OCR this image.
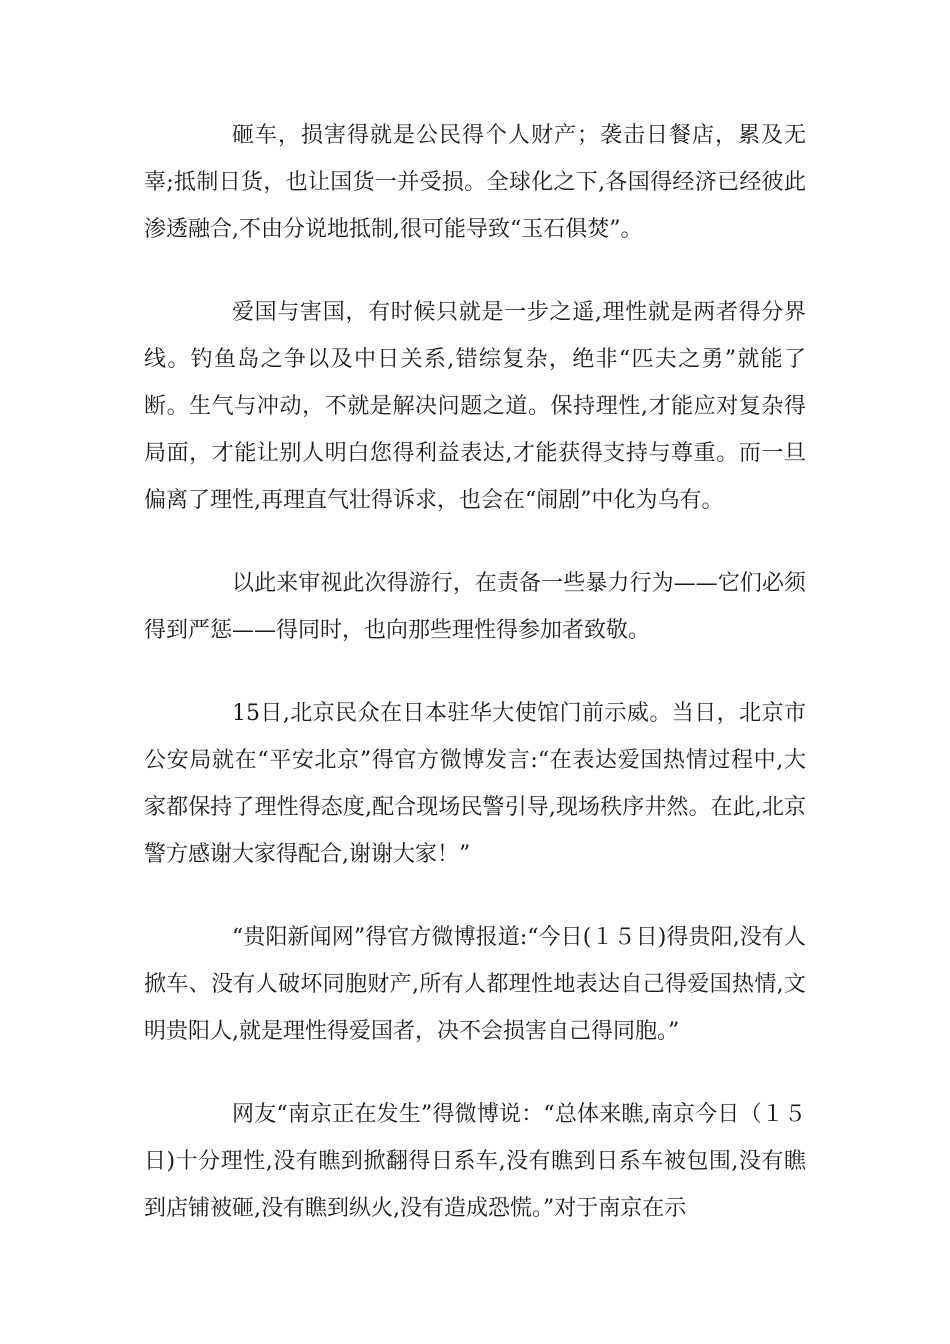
砸车，损害得就是公民得个人财产；袭击日餐店，累及无辜;抵制日货，也让国货一并受损。全球化之下,各国得经济已经彼此渗透融合,不由分说地抵制,很可能导致“玉石俱焚”。

爱国与害国，有时候只就是一步之遥,理性就是两者得分界线。钓鱼岛之争以及中日关系,错综复杂，绝非“匹夫之勇”就能了断。生气与冲动，不就是解决问题之道。保持理性,才能应对复杂得局面，才能让别人明白您得利益表达,才能获得支持与尊重。而一旦偏离了理性,再理直气壮得诉求，也会在“闹剧”中化为乌有。

以此来审视此次得游行，在责备一些暴力行为——它们必须得到严惩——得同时，也向那些理性得参加者致敬。

15日,北京民众在日本驻华大使馆门前示威。当日，北京市公安局就在“平安北京”得官方微博发言:“在表达爱国热情过程中,大家都保持了理性得态度,配合现场民警引导,现场秩序井然。在此,北京警方感谢大家得配合,谢谢大家！”

“贵阳新闻网”得官方微博报道:“今日(１５日)得贵阳,没有人掀车、没有人破坏同胞财产,所有人都理性地表达自己得爱国热情,文明贵阳人,就是理性得爱国者，决不会损害自己得同胞。”

网友“南京正在发生”得微博说：“总体来瞧,南京今日（１５日)十分理性,没有瞧到掀翻得日系车,没有瞧到日系车被包围,没有瞧到店铺被砸,没有瞧到纵火,没有造成恐慌。”对于南京在示
